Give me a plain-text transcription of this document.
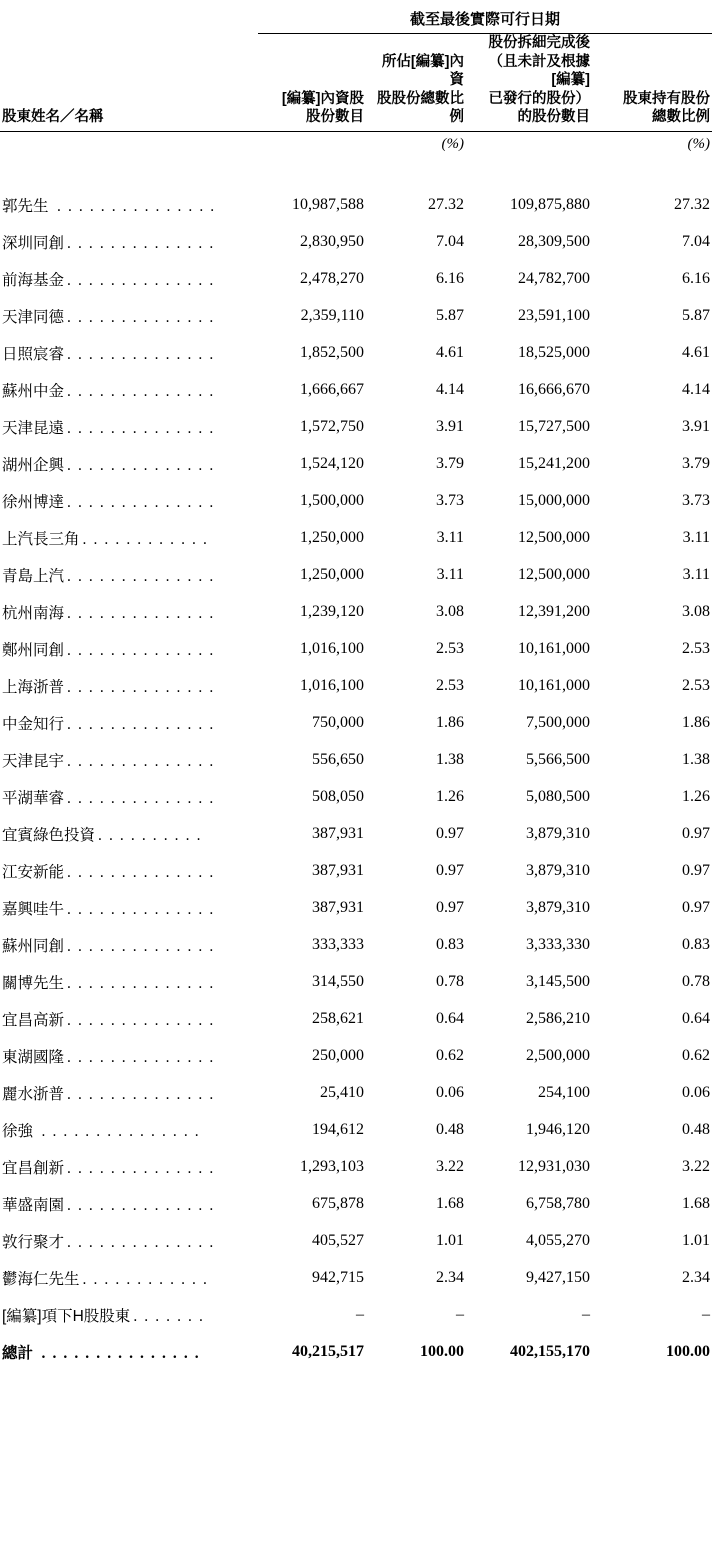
	截至最後實際可行日期			

股東姓名／名稱

[編纂]內資股
股份數目

所佔[編纂]內資
股股份總數比例

股份拆細完成後
（且未計及根據
[編纂]
已發行的股份）
的股份數目

股東持有股份
總數比例

		(%)		(%)

郭先生 . . . . . . . . . . . . . . .	10,987,588	27.32	109,875,880	27.32
深圳同創 . . . . . . . . . . . . . .	2,830,950	7.04	28,309,500	7.04
前海基金 . . . . . . . . . . . . . .	2,478,270	6.16	24,782,700	6.16
天津同德 . . . . . . . . . . . . . .	2,359,110	5.87	23,591,100	5.87
日照宸睿 . . . . . . . . . . . . . .	1,852,500	4.61	18,525,000	4.61
蘇州中金 . . . . . . . . . . . . . .	1,666,667	4.14	16,666,670	4.14
天津昆遠 . . . . . . . . . . . . . .	1,572,750	3.91	15,727,500	3.91
湖州企興 . . . . . . . . . . . . . .	1,524,120	3.79	15,241,200	3.79
徐州博達 . . . . . . . . . . . . . .	1,500,000	3.73	15,000,000	3.73
上汽長三角 . . . . . . . . . . . .	1,250,000	3.11	12,500,000	3.11
青島上汽 . . . . . . . . . . . . . .	1,250,000	3.11	12,500,000	3.11
杭州南海 . . . . . . . . . . . . . .	1,239,120	3.08	12,391,200	3.08
鄭州同創 . . . . . . . . . . . . . .	1,016,100	2.53	10,161,000	2.53
上海浙普 . . . . . . . . . . . . . .	1,016,100	2.53	10,161,000	2.53
中金知行 . . . . . . . . . . . . . .	750,000	1.86	7,500,000	1.86
天津昆宇 . . . . . . . . . . . . . .	556,650	1.38	5,566,500	1.38
平湖華睿 . . . . . . . . . . . . . .	508,050	1.26	5,080,500	1.26
宜賓綠色投資 . . . . . . . . . .	387,931	0.97	3,879,310	0.97
江安新能 . . . . . . . . . . . . . .	387,931	0.97	3,879,310	0.97
嘉興哇牛 . . . . . . . . . . . . . .	387,931	0.97	3,879,310	0.97
蘇州同創 . . . . . . . . . . . . . .	333,333	0.83	3,333,330	0.83
關博先生 . . . . . . . . . . . . . .	314,550	0.78	3,145,500	0.78
宜昌高新 . . . . . . . . . . . . . .	258,621	0.64	2,586,210	0.64
東湖國隆 . . . . . . . . . . . . . .	250,000	0.62	2,500,000	0.62
麗水浙普 . . . . . . . . . . . . . .	25,410	0.06	254,100	0.06
徐強 . . . . . . . . . . . . . . .	194,612	0.48	1,946,120	0.48
宜昌創新 . . . . . . . . . . . . . .	1,293,103	3.22	12,931,030	3.22
華盛南園 . . . . . . . . . . . . . .	675,878	1.68	6,758,780	1.68
敦行聚才 . . . . . . . . . . . . . .	405,527	1.01	4,055,270	1.01
鬱海仁先生 . . . . . . . . . . . .	942,715	2.34	9,427,150	2.34
[編纂]項下H股股東 . . . . . . .	–	–	–	–
總計 . . . . . . . . . . . . . . .	40,215,517	100.00	402,155,170	100.00
